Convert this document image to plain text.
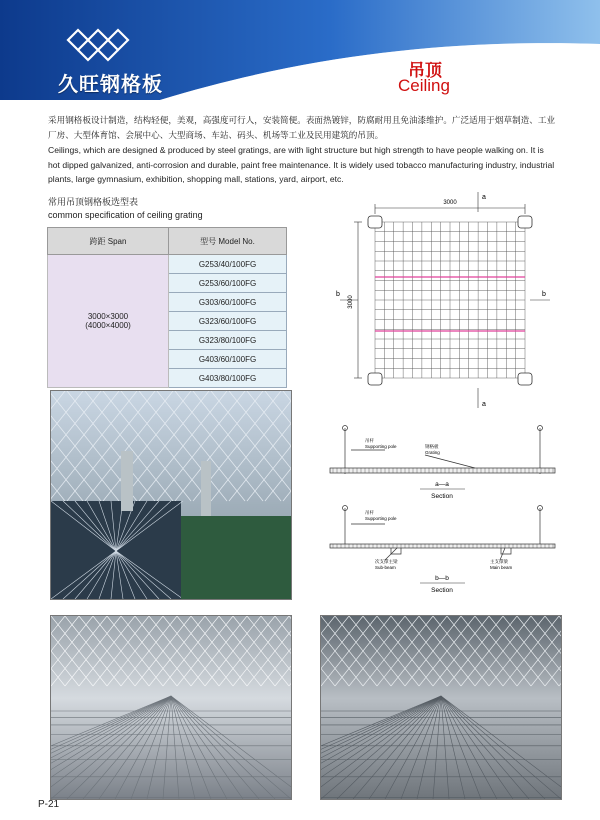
久旺钢格板
吊顶
Ceiling

采用钢格板设计制造，结构轻便，美观，高强度可行人，安装简便。表面热镀锌，防腐耐用且免油漆维护。广泛适用于烟草制造、工业厂房、大型体育馆、会展中心、大型商场、车站、码头、机场等工业及民用建筑的吊顶。

Ceilings, which are designed & produced by steel gratings, are with light structure but high strength to have people walking on. It is hot dipped galvanized, anti-corrosion and durable, paint free maintenance. It is widely used tobacco manufacturing industry, industrial plants, large gymnasium, exhibition, shopping mall, stations, yard, airport, etc.

常用吊顶钢格板选型表
common specification of ceiling grating
跨距 Span	型号 Model No.

3000×3000
(4000×4000)	G253/40/100FG
	G253/60/100FG
	G303/60/100FG
	G323/60/100FG
	G323/80/100FG
	G403/60/100FG
	G403/80/100FG
3000
3000
a
a
b	b
吊杆
Supporting pole	钢格板
Grating
a—a
Section
吊杆
Supporting pole
次支撑主梁
Sub-beam
主支撑梁
Main beam
b—b
Section
P-21
